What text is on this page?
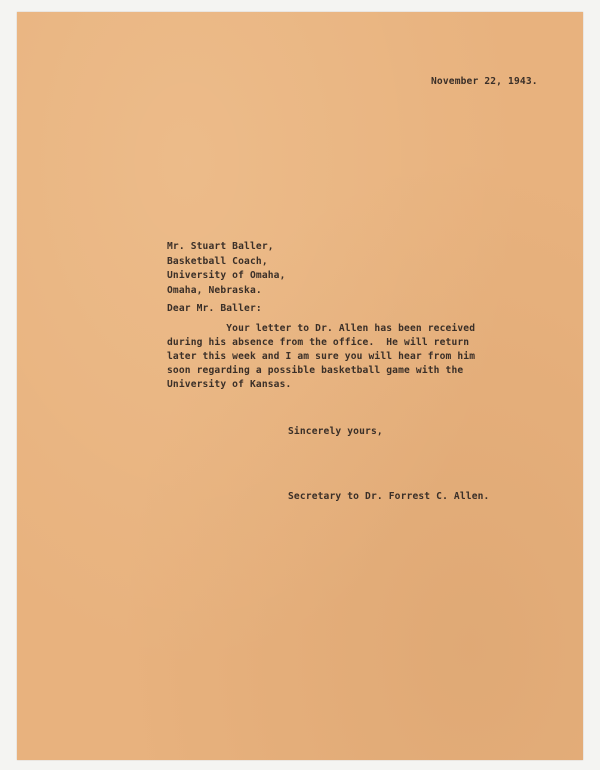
November 22, 1943.
Mr. Stuart Baller,
Basketball Coach,
University of Omaha,
Omaha, Nebraska.
Dear Mr. Baller:
Your letter to Dr. Allen has been received
during his absence from the office.  He will return
later this week and I am sure you will hear from him
soon regarding a possible basketball game with the
University of Kansas.
Sincerely yours,
Secretary to Dr. Forrest C. Allen.
